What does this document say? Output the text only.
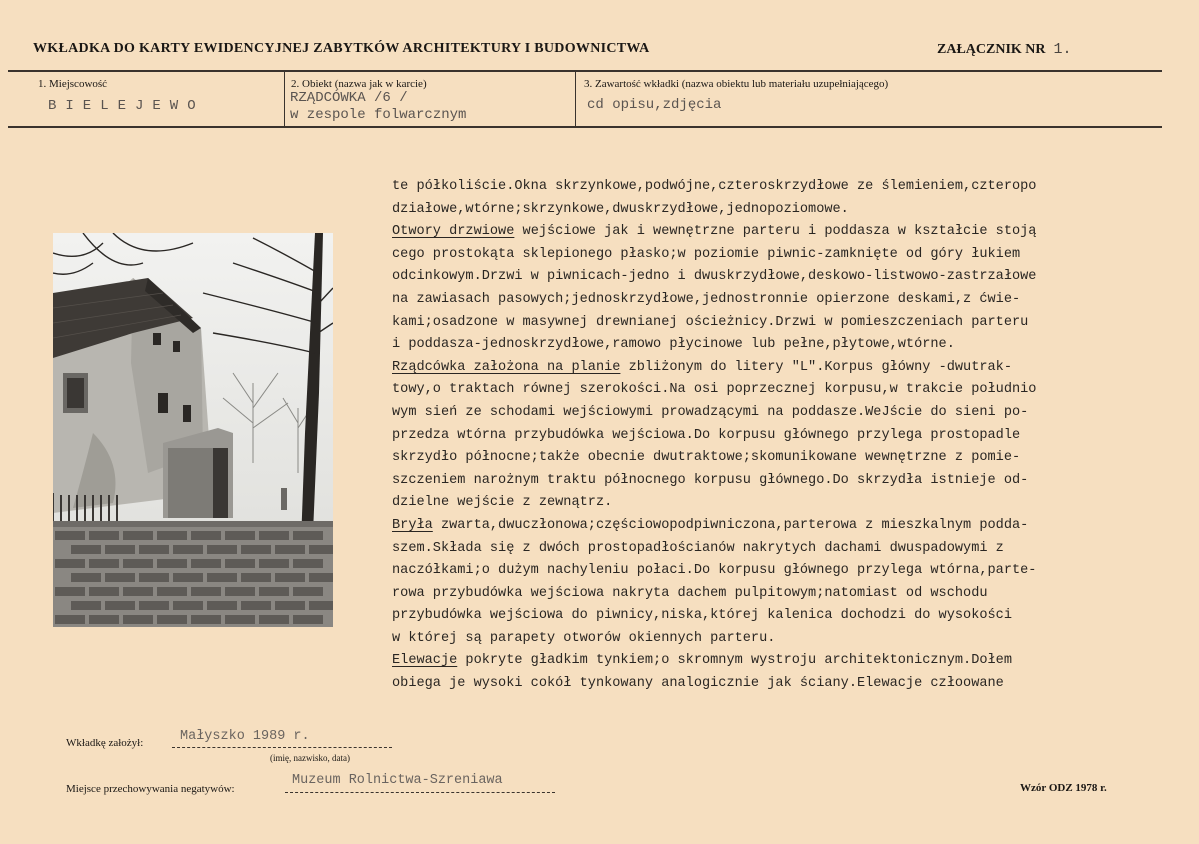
WKŁADKA DO KARTY EWIDENCYJNEJ ZABYTKÓW ARCHITEKTURY I BUDOWNICTWA	ZAŁĄCZNIK NR 1.
1. Miejscowość
BIELEJEWO
2. Obiekt (nazwa jak w karcie)
RZĄDCÓWKA /6 /
w zespole folwarcznym
3. Zawartość wkładki (nazwa obiektu lub materiału uzupełniającego)
cd opisu,zdjęcia
te półkoliście.Okna skrzynkowe,podwójne,czteroskrzydłowe ze ślemieniem,czteropo
działowe,wtórne;skrzynkowe,dwuskrzydłowe,jednopoziomowe.
Otwory drzwiowe wejściowe jak i wewnętrzne parteru i poddasza w kształcie stoją
cego prostokąta sklepionego płasko;w poziomie piwnic-zamknięte od góry łukiem
odcinkowym.Drzwi w piwnicach-jedno i dwuskrzydłowe,deskowo-listwowo-zastrzałowe
na zawiasach pasowych;jednoskrzydłowe,jednostronnie opierzone deskami,z ćwie-
kami;osadzone w masywnej drewnianej ościeżnicy.Drzwi w pomieszczeniach parteru
i poddasza-jednoskrzydłowe,ramowo płycinowe lub pełne,płytowe,wtórne.
Rządcówka założona na planie zbliżonym do litery "L".Korpus główny -dwutrak-
towy,o traktach równej szerokości.Na osi poprzecznej korpusu,w trakcie południo
wym sień ze schodami wejściowymi prowadzącymi na poddasze.WeJście do sieni po-
przedza wtórna przybudówka wejściowa.Do korpusu głównego przylega prostopadle
skrzydło północne;także obecnie dwutraktowe;skomunikowane wewnętrzne z pomie-
szczeniem narożnym traktu północnego korpusu głównego.Do skrzydła istnieje od-
dzielne wejście z zewnątrz.
Bryła zwarta,dwuczłonowa;częściowopodpiwniczona,parterowa z mieszkalnym podda-
szem.Składa się z dwóch prostopadłościanów nakrytych dachami dwuspadowymi z
naczółkami;o dużym nachyleniu połaci.Do korpusu głównego przylega wtórna,parte-
rowa przybudówka wejściowa nakryta dachem pulpitowym;natomiast od wschodu
przybudówka wejściowa do piwnicy,niska,której kalenica dochodzi do wysokości
w której są parapety otworów okiennych parteru.
Elewacje pokryte gładkim tynkiem;o skromnym wystroju architektonicznym.Dołem
obiega je wysoki cokół tynkowany analogicznie jak ściany.Elewacje człoowane
Wkładkę założył:	Małyszko 1989 r.
(imię, nazwisko, data)
Miejsce przechowywania negatywów:
Muzeum Rolnictwa-Szreniawa	Wzór ODZ 1978 r.
